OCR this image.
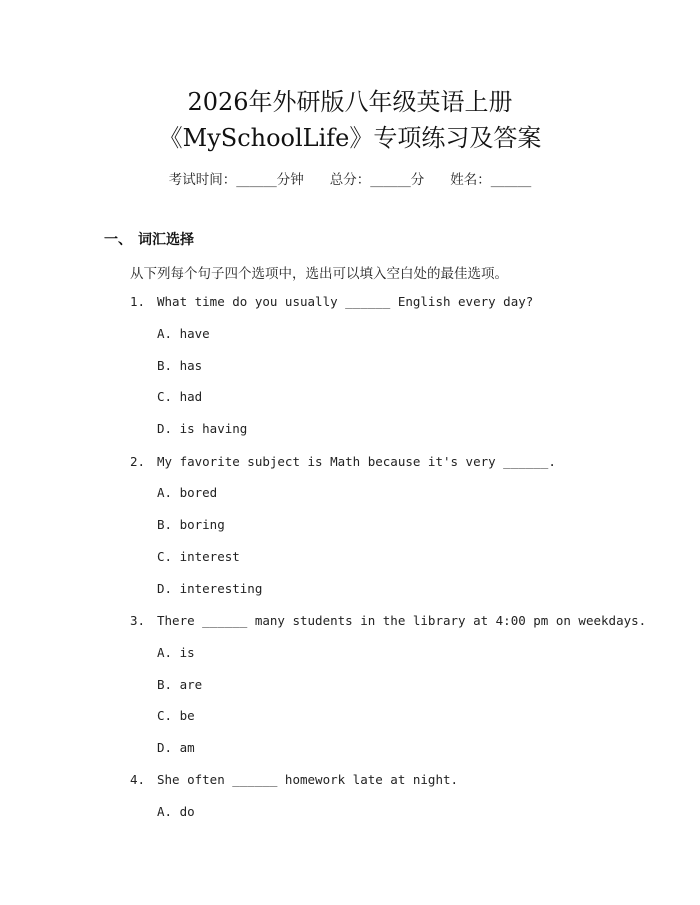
2026年外研版八年级英语上册
《MySchoolLife》专项练习及答案
考试时间：______分钟 总分：______分 姓名：______
一、 词汇选择
从下列每个句子四个选项中，选出可以填入空白处的最佳选项。
1. What time do you usually ______ English every day?
A. have
B. has
C. had
D. is having
2. My favorite subject is Math because it's very ______.
A. bored
B. boring
C. interest
D. interesting
3. There ______ many students in the library at 4:00 pm on weekdays.
A. is
B. are
C. be
D. am
4. She often ______ homework late at night.
A. do
